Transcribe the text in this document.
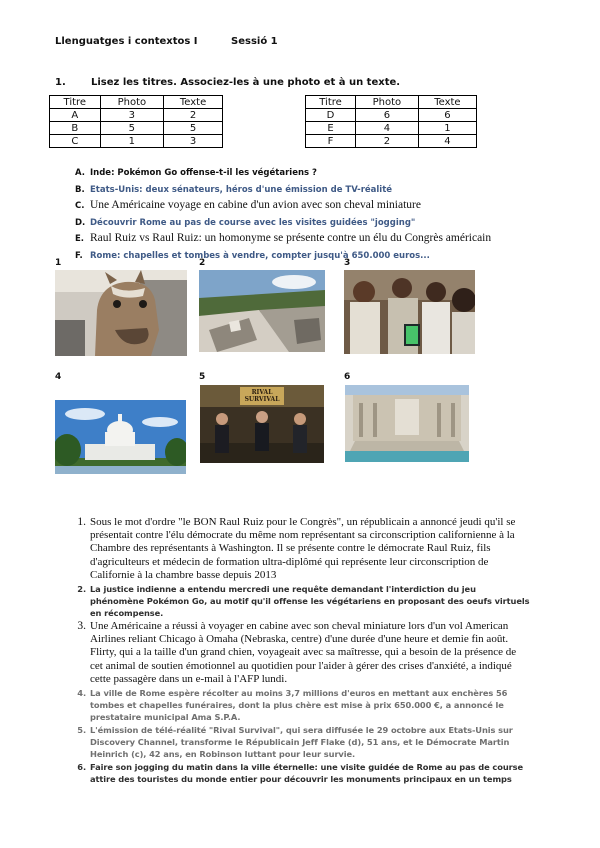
Llenguatges i contextos I	Sessió 1
1.	Lisez les titres. Associez-les à une photo et à un texte.
Titre	Photo	Texte
A	3	2
B	5	5
C	1	3
Titre	Photo	Texte
D	6	6
E	4	1
F	2	4
A. Inde: Pokémon Go offense-t-il les végétariens ?
B. Etats-Unis: deux sénateurs, héros d'une émission de TV-réalité
C. Une Américaine voyage en cabine d'un avion avec son cheval miniature
D. Découvrir Rome au pas de course avec les visites guidées "jogging"
E. Raul Ruiz vs Raul Ruiz: un homonyme se présente contre un élu du Congrès américain
F. Rome: chapelles et tombes à vendre, compter jusqu'à 650.000 euros...
1	2	3
4	5	6
RIVAL SURVIVAL
1. Sous le mot d'ordre "le BON Raul Ruiz pour le Congrès", un républicain a annoncé jeudi qu'il se présentait contre l'élu démocrate du même nom représentant sa circonscription californienne à la Chambre des représentants à Washington. Il se présente contre le démocrate Raul Ruiz, fils d'agriculteurs et médecin de formation ultra-diplômé qui représente leur circonscription de Californie à la chambre basse depuis 2013
2. La justice indienne a entendu mercredi une requête demandant l'interdiction du jeu phénomène Pokémon Go, au motif qu'il offense les végétariens en proposant des oeufs virtuels en récompense.
3. Une Américaine a réussi à voyager en cabine avec son cheval miniature lors d'un vol American Airlines reliant Chicago à Omaha (Nebraska, centre) d'une durée d'une heure et demie fin août. Flirty, qui a la taille d'un grand chien, voyageait avec sa maîtresse, qui a besoin de la présence de cet animal de soutien émotionnel au quotidien pour l'aider à gérer des crises d'anxiété, a indiqué cette passagère dans un e-mail à l'AFP lundi.
4. La ville de Rome espère récolter au moins 3,7 millions d'euros en mettant aux enchères 56 tombes et chapelles funéraires, dont la plus chère est mise à prix 650.000 €, a annoncé le prestataire municipal Ama S.P.A.
5. L'émission de télé-réalité "Rival Survival", qui sera diffusée le 29 octobre aux Etats-Unis sur Discovery Channel, transforme le Républicain Jeff Flake (d), 51 ans, et le Démocrate Martin Heinrich (c), 42 ans, en Robinson luttant pour leur survie.
6. Faire son jogging du matin dans la ville éternelle: une visite guidée de Rome au pas de course attire des touristes du monde entier pour découvrir les monuments principaux en un temps
